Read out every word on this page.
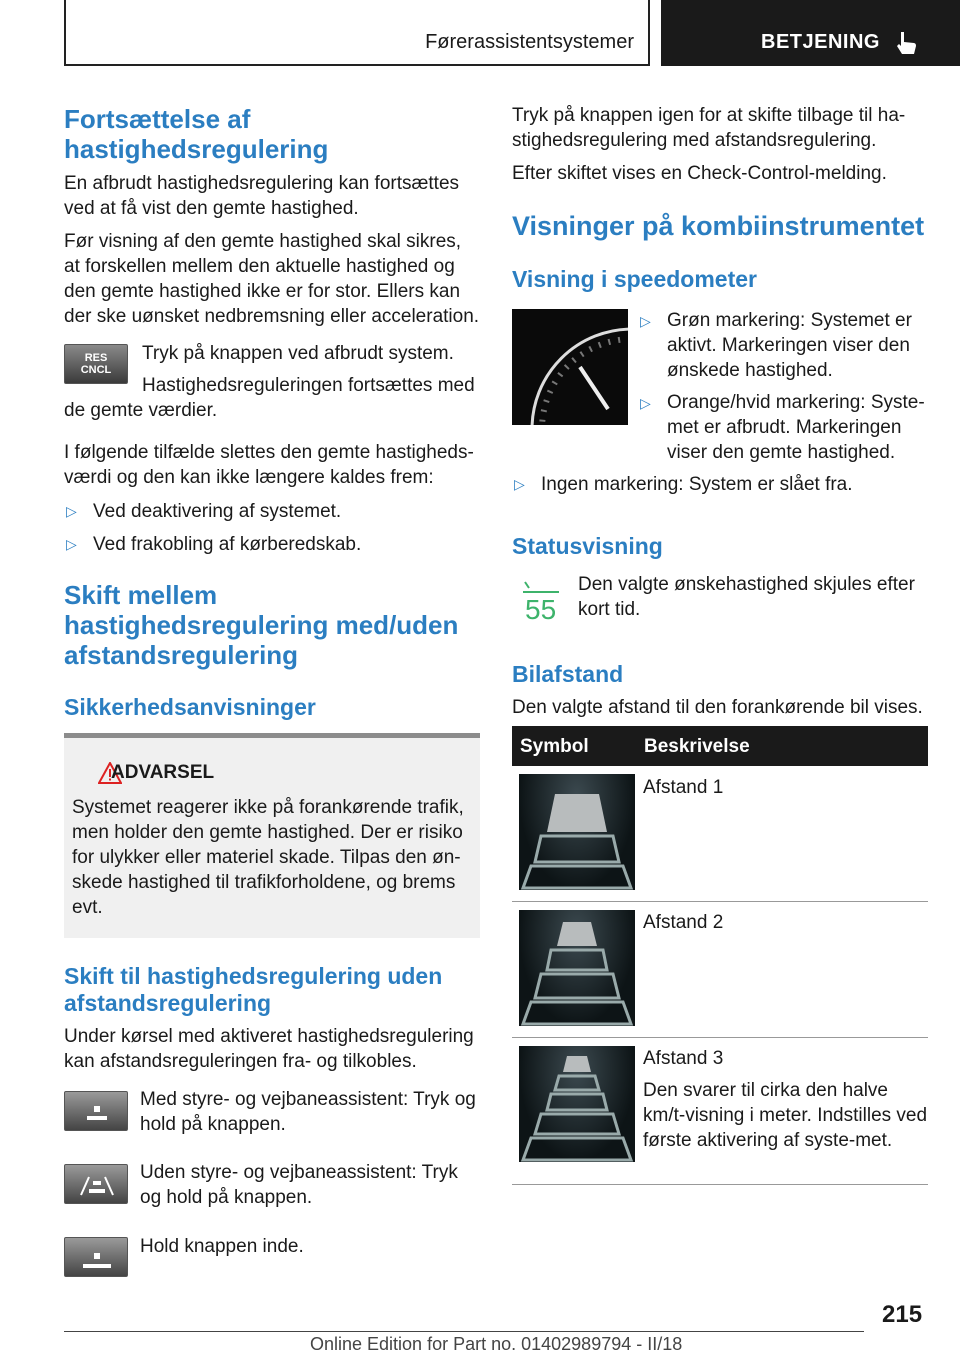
Førerassistentsystemer	BETJENING
Fortsættelse af hastighedsregulering
En afbrudt hastighedsregulering kan fortsættes ved at få vist den gemte hastighed.
Før visning af den gemte hastighed skal sikres, at forskellen mellem den aktuelle hastighed og den gemte hastighed ikke er for stor. Ellers kan der ske uønsket nedbremsning eller acceleration.
RES
CNCL
Tryk på knappen ved afbrudt system.
Hastighedsreguleringen fortsættes med de gemte værdier.
I følgende tilfælde slettes den gemte hastigheds-værdi og den kan ikke længere kaldes frem:
▷ Ved deaktivering af systemet.
▷ Ved frakobling af kørberedskab.
Skift mellem hastighedsregulering med/uden afstandsregulering
Sikkerhedsanvisninger
ADVARSEL
Systemet reagerer ikke på forankørende trafik, men holder den gemte hastighed. Der er risiko for ulykker eller materiel skade. Tilpas den øn-skede hastighed til trafikforholdene, og brems evt.
Skift til hastighedsregulering uden afstandsregulering
Under kørsel med aktiveret hastighedsregulering kan afstandsreguleringen fra- og tilkobles.
Med styre- og vejbaneassistent: Tryk og hold på knappen.
Uden styre- og vejbaneassistent: Tryk og hold på knappen.
Hold knappen inde.
Tryk på knappen igen for at skifte tilbage til ha-stighedsregulering med afstandsregulering.
Efter skiftet vises en Check-Control-melding.
Visninger på kombiinstrumentet
Visning i speedometer
▷ Grøn markering: Systemet er aktivt. Markeringen viser den ønskede hastighed.
▷ Orange/hvid markering: Syste-met er afbrudt. Markeringen viser den gemte hastighed.
▷ Ingen markering: System er slået fra.
Statusvisning
55
Den valgte ønskehastighed skjules efter kort tid.
Bilafstand
Den valgte afstand til den forankørende bil vises.
Symbol	Beskrivelse
Afstand 1
Afstand 2
Afstand 3
Den svarer til cirka den halve km/t-visning i meter. Indstilles ved første aktivering af syste-met.
215
Online Edition for Part no. 01402989794 - II/18
